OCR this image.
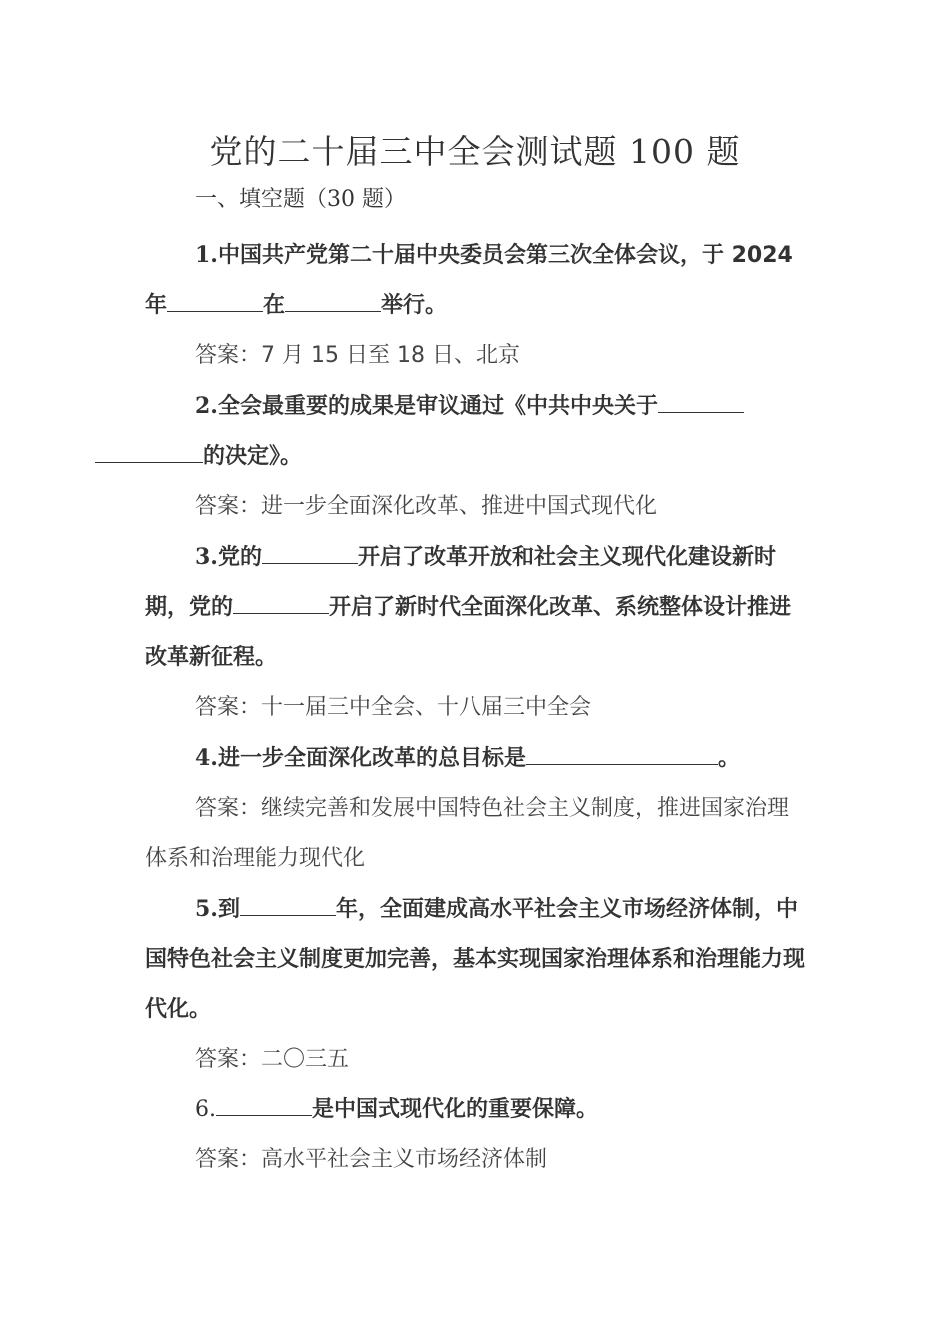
党的二十届三中全会测试题 100 题
一、填空题（30 题）

1.中国共产党第二十届中央委员会第三次全体会议，于 2024 年	在	举行。

答案：7 月 15 日至 18 日、北京

2.全会最重要的成果是审议通过《中共中央关于
的决定》。

答案：进一步全面深化改革、推进中国式现代化

3.党的	开启了改革开放和社会主义现代化建设新时期，党的	开启了新时代全面深化改革、系统整体设计推进改革新征程。

答案：十一届三中全会、十八届三中全会

4.进一步全面深化改革的总目标是	。

答案：继续完善和发展中国特色社会主义制度，推进国家治理体系和治理能力现代化

5.到	年，全面建成高水平社会主义市场经济体制，中国特色社会主义制度更加完善，基本实现国家治理体系和治理能力现代化。

答案：二〇三五

6.	是中国式现代化的重要保障。

答案：高水平社会主义市场经济体制
